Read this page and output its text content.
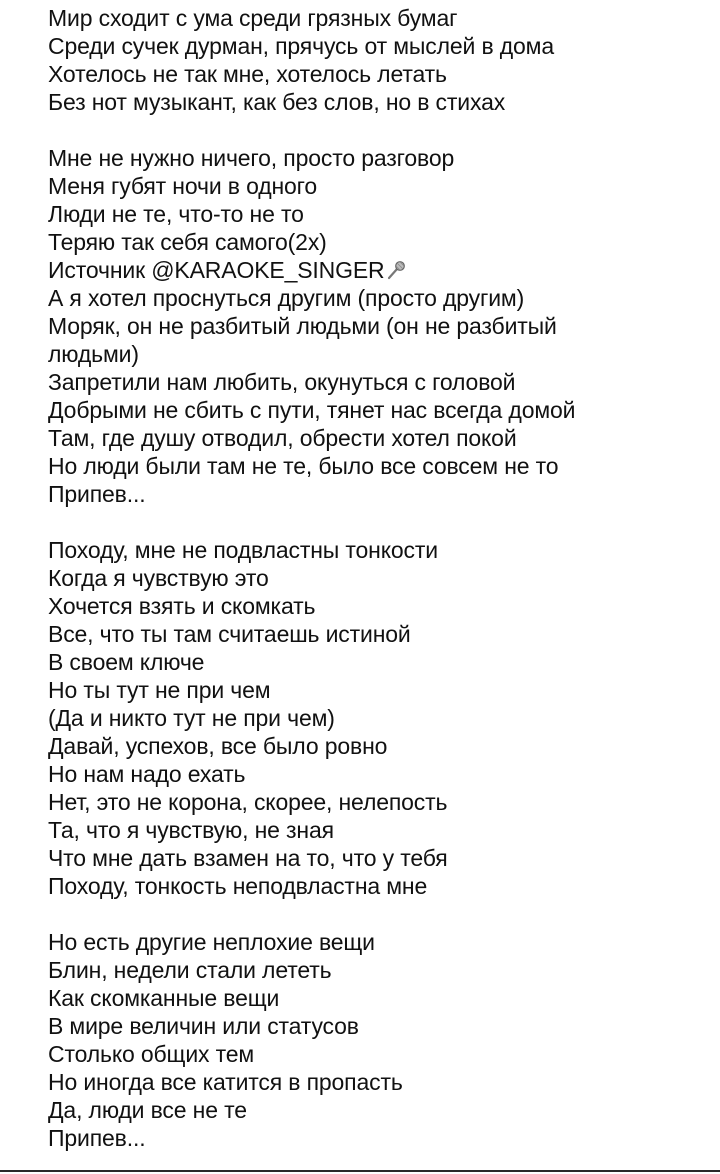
Мир сходит с ума среди грязных бумаг
Среди сучек дурман, прячусь от мыслей в дома
Хотелось не так мне, хотелось летать
Без нот музыкант, как без слов, но в стихах
Мне не нужно ничего, просто разговор
Меня губят ночи в одного
Люди не те, что-то не то
Теряю так себя самого(2х)
Источник @KARAOKE_SINGER
А я хотел проснуться другим (просто другим)
Моряк, он не разбитый людьми (он не разбитый
людьми)
Запретили нам любить, окунуться с головой
Добрыми не сбить с пути, тянет нас всегда домой
Там, где душу отводил, обрести хотел покой
Но люди были там не те, было все совсем не то
Припев...
Походу, мне не подвластны тонкости
Когда я чувствую это
Хочется взять и скомкать
Все, что ты там считаешь истиной
В своем ключе
Но ты тут не при чем
(Да и никто тут не при чем)
Давай, успехов, все было ровно
Но нам надо ехать
Нет, это не корона, скорее, нелепость
Та, что я чувствую, не зная
Что мне дать взамен на то, что у тебя
Походу, тонкость неподвластна мне
Но есть другие неплохие вещи
Блин, недели стали лететь
Как скомканные вещи
В мире величин или статусов
Столько общих тем
Но иногда все катится в пропасть
Да, люди все не те
Припев...
